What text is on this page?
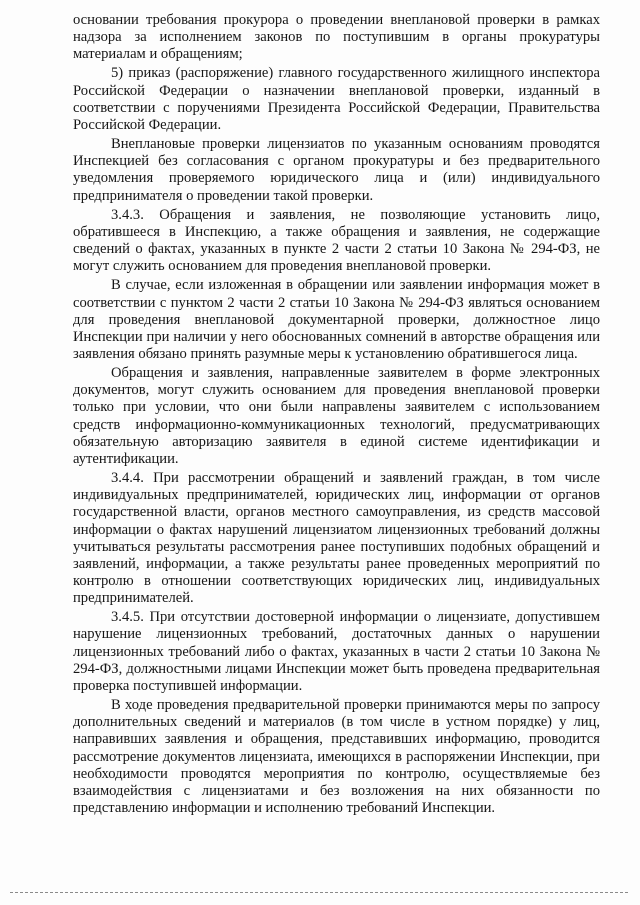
основании требования прокурора о проведении внеплановой проверки в рамках надзора за исполнением законов по поступившим в органы прокуратуры материалам и обращениям;

5) приказ (распоряжение) главного государственного жилищного инспектора Российской Федерации о назначении внеплановой проверки, изданный в соответствии с поручениями Президента Российской Федерации, Правительства Российской Федерации.

Внеплановые проверки лицензиатов по указанным основаниям проводятся Инспекцией без согласования с органом прокуратуры и без предварительного уведомления проверяемого юридического лица и (или) индивидуального предпринимателя о проведении такой проверки.

3.4.3. Обращения и заявления, не позволяющие установить лицо, обратившееся в Инспекцию, а также обращения и заявления, не содержащие сведений о фактах, указанных в пункте 2 части 2 статьи 10 Закона № 294-ФЗ, не могут служить основанием для проведения внеплановой проверки.

В случае, если изложенная в обращении или заявлении информация может в соответствии с пунктом 2 части 2 статьи 10 Закона № 294-ФЗ являться основанием для проведения внеплановой документарной проверки, должностное лицо Инспекции при наличии у него обоснованных сомнений в авторстве обращения или заявления обязано принять разумные меры к установлению обратившегося лица.

Обращения и заявления, направленные заявителем в форме электронных документов, могут служить основанием для проведения внеплановой проверки только при условии, что они были направлены заявителем с использованием средств информационно-коммуникационных технологий, предусматривающих обязательную авторизацию заявителя в единой системе идентификации и аутентификации.

3.4.4. При рассмотрении обращений и заявлений граждан, в том числе индивидуальных предпринимателей, юридических лиц, информации от органов государственной власти, органов местного самоуправления, из средств массовой информации о фактах нарушений лицензиатом лицензионных требований должны учитываться результаты рассмотрения ранее поступивших подобных обращений и заявлений, информации, а также результаты ранее проведенных мероприятий по контролю в отношении соответствующих юридических лиц, индивидуальных предпринимателей.

3.4.5. При отсутствии достоверной информации о лицензиате, допустившем нарушение лицензионных требований, достаточных данных о нарушении лицензионных требований либо о фактах, указанных в части 2 статьи 10 Закона № 294-ФЗ, должностными лицами Инспекции может быть проведена предварительная проверка поступившей информации.

В ходе проведения предварительной проверки принимаются меры по запросу дополнительных сведений и материалов (в том числе в устном порядке) у лиц, направивших заявления и обращения, представивших информацию, проводится рассмотрение документов лицензиата, имеющихся в распоряжении Инспекции, при необходимости проводятся мероприятия по контролю, осуществляемые без взаимодействия с лицензиатами и без возложения на них обязанности по представлению информации и исполнению требований Инспекции.
